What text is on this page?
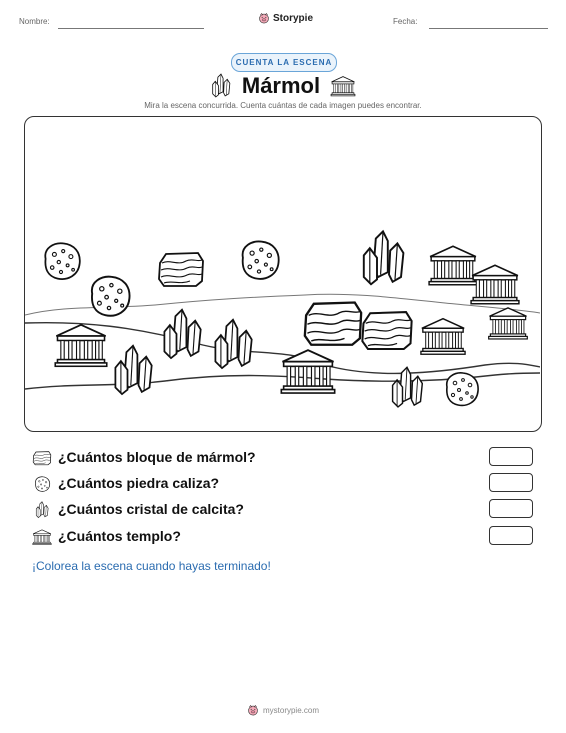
Nombre:	Storypie	Fecha:
CUENTA LA ESCENA
Mármol
Mira la escena concurrida. Cuenta cuántas de cada imagen puedes encontrar.
¿Cuántos bloque de mármol?
¿Cuántos piedra caliza?
¿Cuántos cristal de calcita?
¿Cuántos templo?
¡Colorea la escena cuando hayas terminado!
mystorypie.com
